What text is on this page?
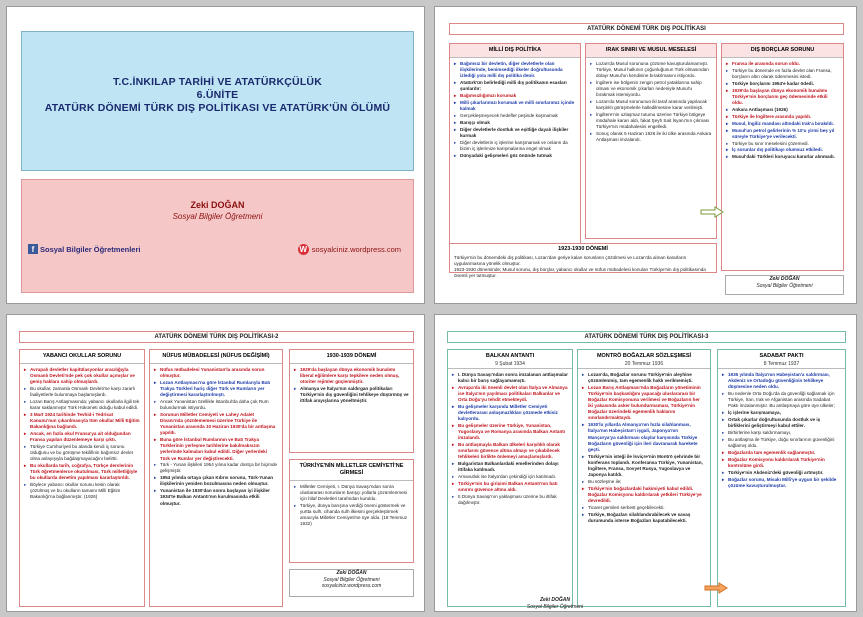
T.C.İNKILAP TARİHİ VE ATATÜRKÇÜLÜK
6.ÜNİTE
ATATÜRK DÖNEMİ TÜRK DIŞ POLİTİKASI VE ATATÜRK'ÜN ÖLÜMÜ
Zeki DOĞAN
Sosyal Bilgiler Öğretmeni
f Sosyal Bilgiler Öğretmenleri	W sosyalciniz.wordpress.com
ATATÜRK DÖNEMİ TÜRK DIŞ POLİTİKASI
MİLLİ DIŞ POLİTİKA
▸ Bağımsız bir devletin, diğer devletlerle olan ilişkilerinde, benimsediği ilkeler doğrultusunda izlediği yola milli dış politika denir.
▸ Atatürk'ün belirlediği milli dış politikanın esasları şunlardır:
▸ Bağımsızlığımızı korumak
▸ Milli çıkarlarımızı korumak ve milli sınırlarımız içinde kalmak
▸ Gerçekleşmeyecek hedefler peşinde koşmamak
▸ Barışçı olmak
▸ Diğer devletlerle dostluk ve eşitliğe dayalı ilişkiler kurmak
▸ Diğer devletlerin iç işlerine karışmamak ve onların da bizim iç işlerimize karışmalarına engel olmak
▸ Dünyadaki gelişmeleri göz önünde tutmak
IRAK SINIRI VE MUSUL MESELESİ
▸ Lozan'da Musul sorununa çözüme kavuşturulamamıştı. Türkiye, Musul halkının çoğunluğunun Türk olmasından dolayı Musul'un kendisine bırakılmasını istiyordu.
▸ İngiltere ise bölgenin zengin petrol yataklarına sahip olması ve ekonomik çıkarları nedeniyle Musul'u bırakmak istemiyordu.
▸ Lozan'da Musul sorununun iki taraf arasında yapılacak karşılıklı görüşmelerle halledilmesine karar verilmişti.
▸ İngiltere'nin uzlaşmaz tutumu üzerine Türkiye bölgeye müdahale kararı aldı, fakat Şeyh Sait İsyanı'nın çıkması Türkiye'nin müdahalesini engelledi.
▸ Sonuç olarak 5 Haziran 1926 ile iki ülke arasında Ankara Antlaşması imzalandı.
DIŞ BORÇLAR SORUNU
▸ Fransa ile arasında sorun oldu.
▸ Türkiye bu dönemde en fazla devlet olan Fransa, borçların altın olarak ödenmesini istedi.
▸ Türkiye borçlarını 1954'e kadar ödedi.
▸ 1929'da başlayan dünya ekonomik bunalımı Türkiye'nin borçlarını geç ödemesinde etkili oldu.
▸ Ankara Antlaşması (1926)
▸ Türkiye ile İngiltere arasında yapıldı.
▸ Musul, İngiliz mandası altındaki Irak'a bırakıldı.
▸ Musul'un petrol gelirlerinin % 10'u yirmi beş yıl süreyle Türkiye'ye verilecekti.
▸ Türkiye bu sınır meselesini çözemedi.
▸ İç sorunlar dış politikayı olumsuz etkiledi.
▸ Musul'daki Türkleri koruyucu kararlar alınmadı.
1923-1930 DÖNEMİ
Türkiye'nin bu dönemdeki dış politikası, Lozan'dan geriye kalan sorunların çözülmesi ve Lozan'da alınan kararların uygulanmasına yönelik olmuştur.
1923-1930 döneminde; Musul sorunu, dış borçlar, yabancı okullar ve nüfus mübadelesi konuları Türkiye'nin dış politikasında önemli yer tutmuştur.
Zeki DOĞAN
Sosyal Bilgiler Öğretmeni
ATATÜRK DÖNEMİ TÜRK DIŞ POLİTİKASI-2
YABANCI OKULLAR SORUNU
▸ Avrupalı devletler kapitülasyonlar aracılığıyla Osmanlı Devleti'nde pek çok okullar açmışlar ve geniş haklara sahip olmuşlardı.
▸ Bu okullar, zamanla Osmanlı Devleti'ne karşı zararlı faaliyetlerle bulunmaya başlamışlardı.
▸ Lozan Barış Antlaşmasında; yabancı okullarla ilgili tek karar saklanmıştır Türk Hükümeti olduğu kabul edildi.
▸ 3 Mart 1924 tarihinde Tevhid-i Tedrisat Kanunu'nun çıkarılmasıyla tüm okullar Milli Eğitim Bakanlığına bağlandı.
▸ Ancak, en fazla okul Fransa'ya ait olduğundan Fransa yapılan düzenlemeye karşı çıktı.
▸ Türkiye Cumhuriyeti bu alanda kendi iç sorunu olduğunu ve bu görüşme tekilifinin bağımsız devlet olma anlayışıyla bağdaşmayacağını belirtti.
▸ Bu okullarda tarih, coğrafya, Türkçe derslerinin Türk öğretmenlerce okutulması, Türk milletliğiyle bu okullarda denetim yapılması kararlaştırıldı.
▸ Böylece yabancı okullar sorunu kesin olarak çözülmüş ve bu okulların tamamı Milli Eğitim Bakanlığı'na bağlanmıştır. (1926)
NÜFUS MÜBADELESİ (NÜFUS DEĞİŞİMİ)
▸ Nüfus mübadelesi Yunanistan'la arasında sorun olmuştur.
▸ Lozan Antlaşması'na göre İstanbul Rumlarıyla Batı Trakya Türkleri hariç diğer Türk ve Rumların yer değiştirmesi kararlaştırılmıştı.
▸ Ancak Yunanistan özellikle İstanbul'da daha çok Rum bulundurmak istiyordu.
▸ Sorunun Milletler Cemiyeti ve Lahey Adalet Divanı'nda çözülememesi üzerine Türkiye ile Yunanistan arasında 10 Haziran 1930'da bir antlaşma yapıldı.
▸ Buna göre İstanbul Rumlarının ve Batı Trakya Türklerinin yerleşme tarihlerine bakılmaksızın yerlerinde kalmaları kabul edildi. Diğer yerlerdeki Türk ve Rumlar yer değiştirecekti.
▸ Türk - Yunan ilişkileri 1954 yılına kadar dostça bir biçimde gelişmiştir.
▸ 1954 yılında ortaya çıkan Kıbrıs sorunu, Türk-Yunan ilişkilerinin yeniden bozulmasına neden olmuştur.
▸ Yunanistan ile 1930'dan sonra başlayan iyi ilişkiler 1934'te Balkan Antantı'nın kurulmasında etkili olmuştur.
1930-1939 DÖNEMİ
▸ 1929'da başlayan dünya ekonomik bunalımı liberal eğilimlere karşı tepkilere neden olmuş, otoriter rejimler güçlenmiştir.
▸ Almanya ve İtalya'nın saldırgan politikaları Türkiye'nin dış güvenliğini tehlikeye düşürmüş ve ittifak arayışlarına yöneltmiştir.
TÜRKİYE'NİN MİLLETLER CEMİYETİ'NE GİRMESİ
▸ Milletler Cemiyeti, I. Dünya Savaşı'ndan sonra uluslararası sorunların barışçı yollarla çözümlenmesi için İtilaf Devletleri tarafından kuruldu.
▸ Türkiye, dünya barışına verdiği önemi göstermek ve yurtta sulh, cihanda sulh ilkesini gerçekleştirmek amacıyla Milletler Cemiyeti'ne üye oldu. (18 Temmuz 1932)
Zeki DOĞAN
Sosyal Bilgiler Öğretmeni
sosyalciniz.wordpress.com
ATATÜRK DÖNEMİ TÜRK DIŞ POLİTİKASI-3
BALKAN ANTANTI
9 Şubat 1934
▸ I. Dünya Savaşı'ndan sonra imzalanan antlaşmalar kalıcı bir barış sağlayamamıştı.
▸ Avrupa'da iki önemli devlet olan İtalya ve Almanya ise İtalya'nın yayılmacı politikaları Balkanlar ve Orta Doğu'yu tehdit etmekteydi.
▸ Bu gelişmeler karşında Milletler Cemiyeti devletlerarası anlaşmazlıkları çözmede etkisiz kalıyordu.
▸ Bu gelişmeler üzerine Türkiye, Yunanistan, Yugoslavya ve Romanya arasında Balkan Antantı imzalandı.
▸ Bu antlaşmayla Balkan ülkeleri karşılıklı olarak sınırlarını güvence altına almayı ve çıkabilecek tehlikeleri birlikte önlemeyi amaçlamışlardı.
▸ Bulgaristan Balkanlardaki emellerinden dolayı ittifaka katılmadı.
▸ Arnavutluk ise İtalya'dan çekindiği için katılmadı.
▸ Türkiye'nin bu girişimi Balkan Antantı'nın batı sınırını güvence altına aldı.
▸ II.Dünya Savaşı'nın yaklaşması üzerine bu ittifak dağılmıştır.
MONTRÖ BOĞAZLAR SÖZLEŞMESİ
20 Temmuz 1936
▸ Lozan'da, Boğazlar sorunu Türkiye'nin aleyhine çözümlenmiş, tam egemenlik haklı verilmemişti.
▸ Lozan Barış Antlaşması'nda Boğazların yönetiminin Türkiye'nin başkanlığını yapacağı uluslararası bir Boğazlar Komisyonuna verilmesi ve Boğazların her iki yakasında asker bulundurmaması, Türkiye'nin Boğazlar üzerindeki egemenlik haklarını sınırlandırmaktaydı.
▸ 1930'lu yıllarda Almanya'nın hızla silahlanması, İtalya'nın Habeşistan'ı işgali, Japonya'nın Mançurya'ya saldırması olaylar karşısında Türkiye Boğazların güvenliği için ileri davranarak harekete geçti.
▸ Türkiye'nin isteği ile İsviçre'nin Montrö şehrinde bir konferans toplandı. Konferansa Türkiye, Yunanistan, İngiltere, Fransa, Sovyet Rusya, Yugoslavya ve Japonya katıldı.
▸ Bu sözleşme ile;
▸ Türkiye'nin boğazlardaki hakimiyeti kabul edildi. Boğazlar Komisyonu kaldırılarak yetkileri Türkiye'ye devredildi.
▸ Ticaret gemileri serbest geçebilecekti.
▸ Türkiye, Boğazları silahlandırabilecek ve savaş durumunda isterse Boğazları kapatabilecekti.
SADABAT PAKTI
8 Temmuz 1937
▸ 1935 yılında İtalya'nın Habeşistan'a saldırması, Akdeniz ve Ortadoğu güvenliğinin tehlikeye düşmesine neden oldu.
▸ Bu nedenle Orta Doğu'da da güvenliği sağlamak için Türkiye, İran, Irak ve Afganistan arasında Sadabat Paktı imzalanmıştır. Bu antlaşmaya göre üye ülkeler;
▸ İç işlerine karışmamaya,
▸ Ortak çıkarlar doğrultusunda dostluk ve iş birliklerini geliştirmeyi kabul ettiler.
▸ Birbirlerine karşı saldırmamayı,
▸ Bu antlaşma ile Türkiye, doğu sınırlarının güvenliğini sağlamış oldu.
▸ Boğazlarda tam egemenlik sağlanmıştır.
▸ Boğazlar Komisyonu kaldırılarak Türkiye'nin kontrolüne girdi.
▸ Türkiye'nin Akdeniz'deki güvenliği artmıştır.
▸ Boğazlar sorunu, Misakı Milli'ye uygun bir şekilde çözüme kavuşturulmuştur.
Zeki DOĞAN
Sosyal Bilgiler Öğretmeni
